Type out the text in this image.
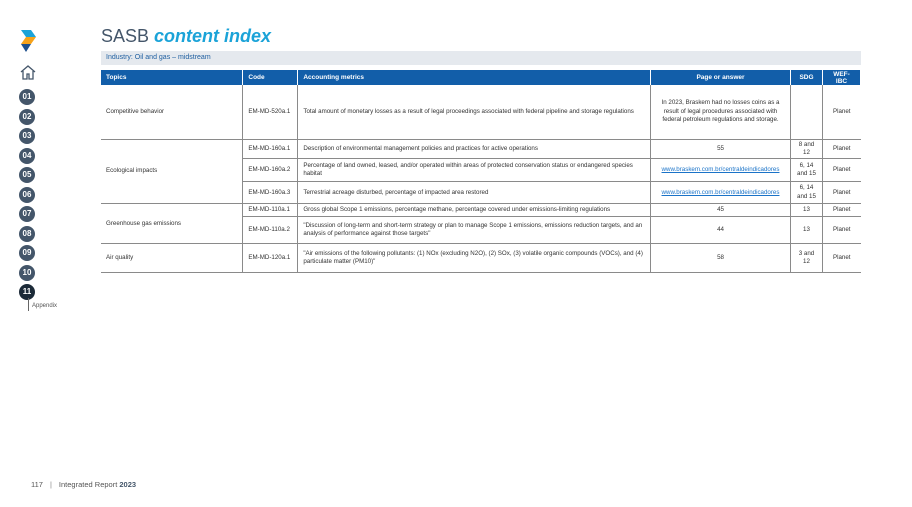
01
02
03
04
05
06
07
08
09
10
11
Appendix
SASB content index
Industry: Oil and gas – midstream
Topics	Code	Accounting metrics	Page or answer	SDG	WEF-IBC
Competitive behavior	EM-MD-520a.1	Total amount of monetary losses as a result of legal proceedings associated with federal pipeline and storage regulations	In 2023, Braskem had no losses coins as a result of legal procedures associated with federal petroleum regulations and storage.		Planet
Ecological impacts	EM-MD-160a.1	Description of environmental management policies and practices for active operations	55	8 and 12	Planet
	EM-MD-160a.2	Percentage of land owned, leased, and/or operated within areas of protected conservation status or endangered species habitat	www.braskem.com.br/centraldeindicadores	6, 14 and 15	Planet
	EM-MD-160a.3	Terrestrial acreage disturbed, percentage of impacted area restored	www.braskem.com.br/centraldeindicadores	6, 14 and 15	Planet
Greenhouse gas emissions	EM-MD-110a.1	Gross global Scope 1 emissions, percentage methane, percentage covered under emissions-limiting regulations	45	13	Planet
	EM-MD-110a.2	"Discussion of long-term and short-term strategy or plan to manage Scope 1 emissions, emissions reduction targets, and an analysis of performance against those targets"	44	13	Planet
Air quality	EM-MD-120a.1	"Air emissions of the following pollutants: (1) NOx (excluding N2O), (2) SOx, (3) volatile organic compounds (VOCs), and (4) particulate matter (PM10)"	58	3 and 12	Planet
117 | Integrated Report 2023
